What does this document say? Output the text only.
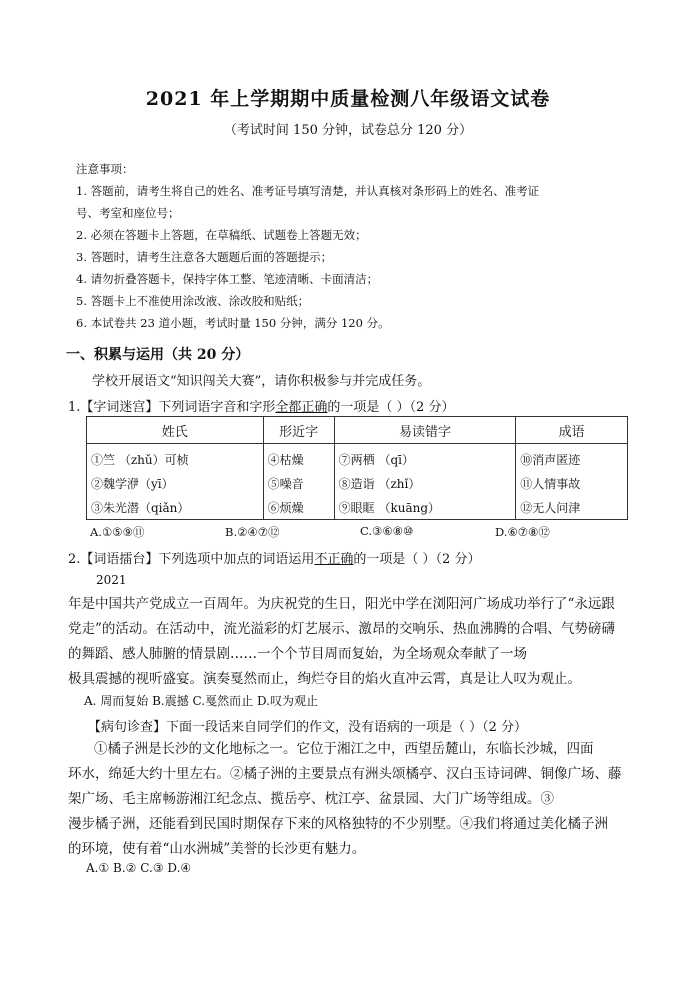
2021 年上学期期中质量检测八年级语文试卷
（考试时间 150 分钟，试卷总分 120 分）
注意事项：
1. 答题前，请考生将自己的姓名、准考证号填写清楚，并认真核对条形码上的姓名、准考证
号、考室和座位号；
2. 必须在答题卡上答题，在草稿纸、试题卷上答题无效；
3. 答题时，请考生注意各大题题后面的答题提示；
4. 请勿折叠答题卡，保持字体工整、笔迹清晰、卡面清洁；
5. 答题卡上不准使用涂改液、涂改胶和贴纸；
6. 本试卷共 23 道小题，考试时量 150 分钟，满分 120 分。
一、积累与运用（共 20 分）
学校开展语文“知识闯关大赛”，请你积极参与并完成任务。
1.【字词迷宫】下列词语字音和字形全都正确的一项是（ ）（2 分）
姓氏	形近字	易读错字	成语
①竺 （zhǔ）可桢	④枯燥	⑦两栖 （qī）	⑩消声匿迹
②魏学洢（yī）	⑤噪音	⑧造诣 （zhǐ）	⑪人情事故
③朱光潜（qiǎn）	⑥烦燥	⑨眼眶 （kuāng）	⑫无人问津
A.①⑤⑨⑪	B.②④⑦⑫	C.③⑥⑧⑩	D.⑥⑦⑧⑫
2.【词语擂台】下列选项中加点的词语运用不正确的一项是（ ）（2 分）
2021
年是中国共产党成立一百周年。为庆祝党的生日，阳光中学在浏阳河广场成功举行了“永远跟
党走”的活动。在活动中，流光溢彩的灯艺展示、激昂的交响乐、热血沸腾的合唱、气势磅礴
的舞蹈、感人肺腑的情景剧……一个个节目周而复始，为全场观众奉献了一场
极具震撼的视听盛宴。演奏戛然而止，绚烂夺目的焰火直冲云霄，真是让人叹为观止。
A. 周而复始 B.震撼 C.戛然而止 D.叹为观止
【病句诊查】下面一段话来自同学们的作文，没有语病的一项是（ ）（2 分）
①橘子洲是长沙的文化地标之一。它位于湘江之中，西望岳麓山，东临长沙城，四面
环水，绵延大约十里左右。②橘子洲的主要景点有洲头颂橘亭、汉白玉诗词碑、铜像广场、藤
架广场、毛主席畅游湘江纪念点、揽岳亭、枕江亭、盆景园、大门广场等组成。③
漫步橘子洲，还能看到民国时期保存下来的风格独特的不少别墅。④我们将通过美化橘子洲
的环境，使有着“山水洲城”美誉的长沙更有魅力。
A.① B.② C.③ D.④
